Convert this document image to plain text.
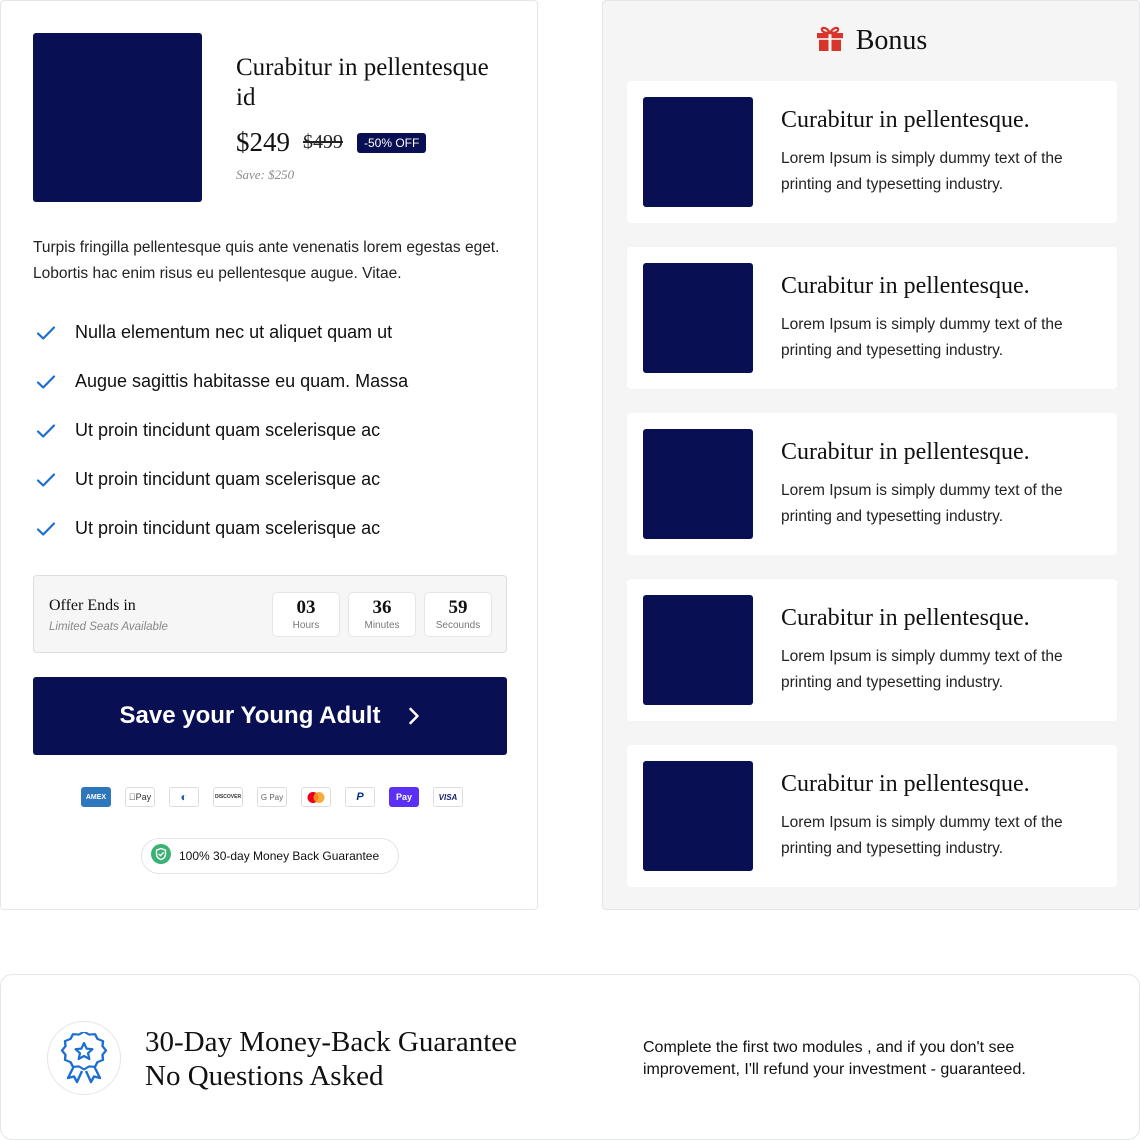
Curabitur in pellentesque id
$249 $499	-50% OFF
Save: $250

Turpis fringilla pellentesque quis ante venenatis lorem egestas eget. Lobortis hac enim risus eu pellentesque augue. Vitae.

Nulla elementum nec ut aliquet quam ut
Augue sagittis habitasse eu quam. Massa
Ut proin tincidunt quam scelerisque ac
Ut proin tincidunt quam scelerisque ac
Ut proin tincidunt quam scelerisque ac
Offer Ends in
Limited Seats Available
03
Hours
36
Minutes
59
Secounds
Save your Young Adult
AMEX	Pay	◐	DISCOVER	G Pay	P	Pay	VISA
100% 30-day Money Back Guarantee
Bonus
Curabitur in pellentesque.
Lorem Ipsum is simply dummy text of the printing and typesetting industry.
Curabitur in pellentesque.
Lorem Ipsum is simply dummy text of the printing and typesetting industry.
Curabitur in pellentesque.
Lorem Ipsum is simply dummy text of the printing and typesetting industry.
Curabitur in pellentesque.
Lorem Ipsum is simply dummy text of the printing and typesetting industry.
Curabitur in pellentesque.
Lorem Ipsum is simply dummy text of the printing and typesetting industry.
30-Day Money-Back Guarantee No Questions Asked
Complete the first two modules , and if you don't see improvement, I'll refund your investment - guaranteed.
